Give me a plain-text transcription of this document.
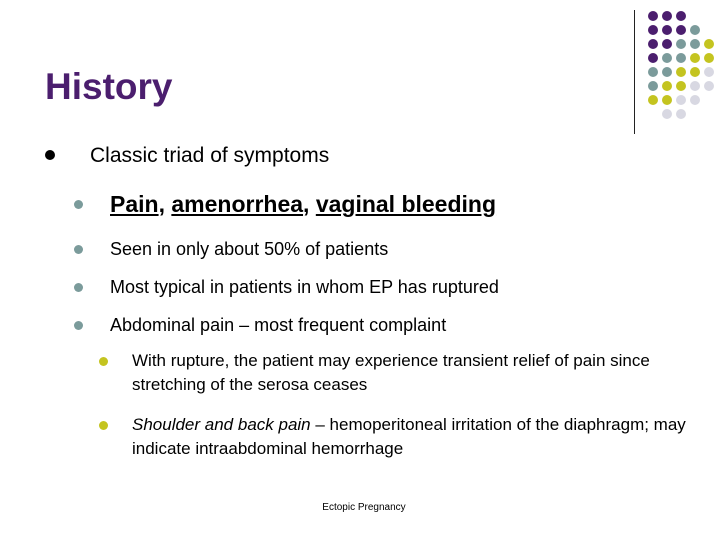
History
Classic triad of symptoms
Pain, amenorrhea, vaginal bleeding
Seen in only about 50% of patients
Most typical in patients in whom EP has ruptured
Abdominal pain – most frequent complaint
With rupture, the patient may experience transient relief of pain since stretching of the serosa ceases
Shoulder and back pain – hemoperitoneal irritation of the diaphragm; may indicate intraabdominal hemorrhage
Ectopic Pregnancy
